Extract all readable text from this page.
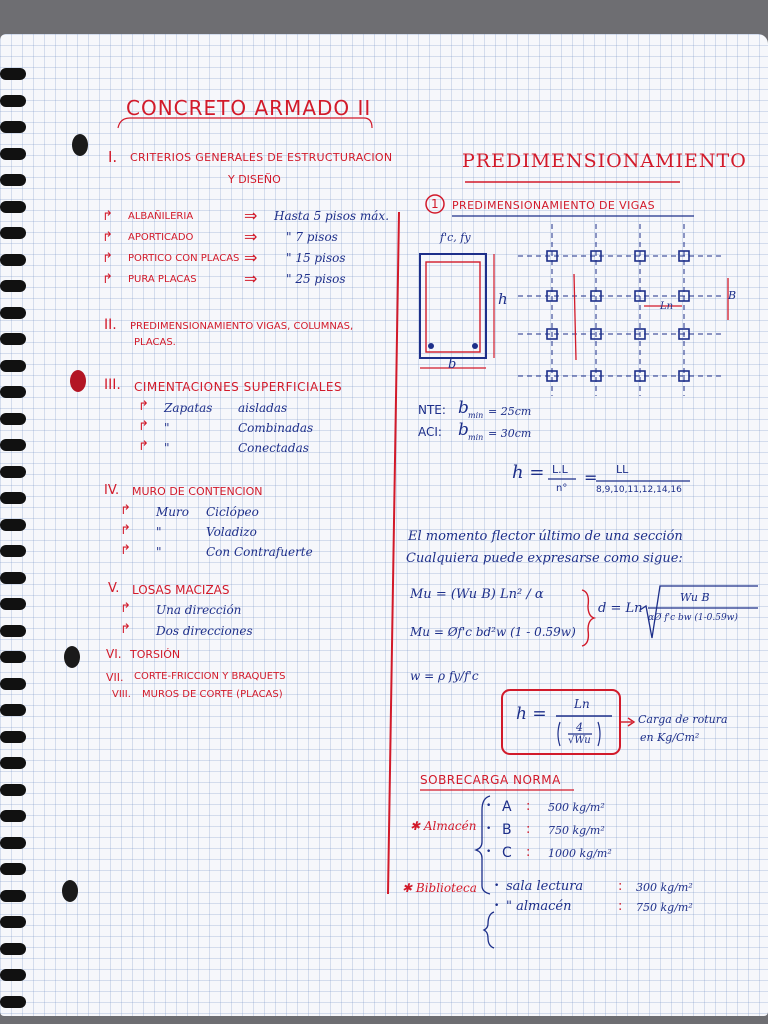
CONCRETO ARMADO II
I. CRITERIOS GENERALES DE ESTRUCTURACION
Y DISEÑO
↱ ALBAÑILERIA	⇒ Hasta 5 pisos máx.
↱ APORTICADO	⇒ " 7 pisos
↱ PORTICO CON PLACAS ⇒ " 15 pisos
↱ PURA PLACAS	⇒ " 25 pisos
II. PREDIMENSIONAMIENTO VIGAS, COLUMNAS,
PLACAS.
III. CIMENTACIONES SUPERFICIALES
↱ Zapatas aisladas
↱ "	Combinadas
↱ "	Conectadas
IV. MURO DE CONTENCION
↱ Muro Ciclópeo
↱ "	Voladizo
↱ "	Con Contrafuerte
V. LOSAS MACIZAS
↱ Una dirección
↱ Dos direcciones
VI. TORSIÓN
VII. CORTE-FRICCION Y BRAQUETS
VIII. MUROS DE CORTE (PLACAS)
PREDIMENSIONAMIENTO
1 PREDIMENSIONAMIENTO DE VIGAS
f'c, fy
h
b
B
Ln
NTE: b min = 25cm
ACI: b min = 30cm
h = L.L
n°
= LL
8,9,10,11,12,14,16
El momento flector último de una sección
Cualquiera puede expresarse como sigue:
Mu = (Wu B) Ln² / α
Mu = Øf'c bd²w (1 - 0.59w)
d = Ln
Wu B
αØ f'c bw (1-0.59w)
w = ρ fy/f'c
h = Ln
4
√Wu
Carga de rotura
en Kg/Cm²
SOBRECARGA NORMA
✱ Almacén
• A : 500 kg/m²
• B : 750 kg/m²
• C : 1000 kg/m²
✱ Biblioteca • sala lectura	: 300 kg/m²
• " almacén	: 750 kg/m²
